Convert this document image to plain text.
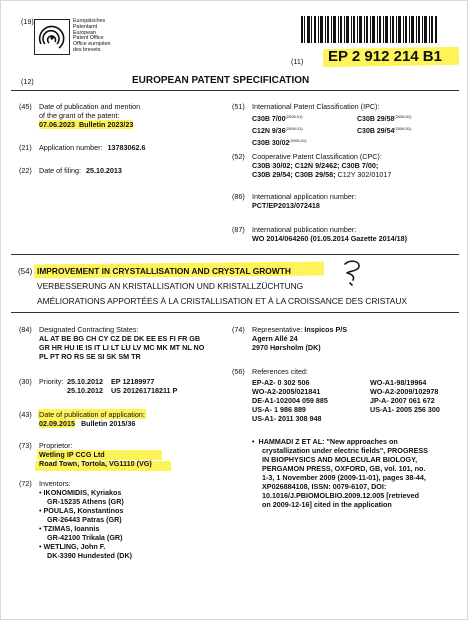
(19)	Europäisches
Patentamt
European
Patent Office
Office européen
des brevets
(11) EP 2 912 214 B1
(12)	EUROPEAN PATENT SPECIFICATION
(45) Date of publication and mention
of the grant of the patent:
07.06.2023 Bulletin 2023/23
(21) Application number: 13783062.6
(22) Date of filing: 25.10.2013
(51) International Patent Classification (IPC):
C30B $7/00^{(2006.01)}$	C30B $29/58^{(2006.01)}$
C12N $9/36^{(2006.01)}$	C30B $29/54^{(2006.01)}$
C30B $30/02^{(2006.01)}$
(52) Cooperative Patent Classification (CPC):
C30B 30/02; C12N 9/2462; C30B 7/00;
C30B 29/54; C30B 29/58; C12Y 302/01017
(86) International application number:
PCT/EP2013/072418
(87) International publication number:
WO 2014/064260 (01.05.2014 Gazette 2014/18)
(54) IMPROVEMENT IN CRYSTALLISATION AND CRYSTAL GROWTH
VERBESSERUNG AN KRISTALLISATION UND KRISTALLZÜCHTUNG
AMÉLIORATIONS APPORTÉES À LA CRISTALLISATION ET À LA CROISSANCE DES CRISTAUX
(84) Designated Contracting States:
AL AT BE BG CH CY CZ DE DK EE ES FI FR GB
GR HR HU IE IS IT LI LT LU LV MC MK MT NL NO
PL PT RO RS SE SI SK SM TR
(30) Priority: 25.10.2012 EP 12189977
25.10.2012 US 201261718211 P
(43) Date of publication of application:
02.09.2015 Bulletin 2015/36
(73) Proprietor:
Wetling IP CCG Ltd
Road Town, Tortola, VG1110 (VG)
(72) Inventors:
• IKONOMIDIS, Kyriakos
GR-15235 Athens (GR)
• POULAS, Konstantinos
GR-26443 Patras (GR)
• TZIMAS, Ioannis
GR-42100 Trikala (GR)
• WETLING, John F.
DK-3390 Hundested (DK)
(74) Representative: Inspicos P/S
Agern Allé 24
2970 Hørsholm (DK)
(56) References cited:
EP-A2- 0 302 506	WO-A1-98/19964
WO-A2-2005/021841	WO-A2-2009/102978
DE-A1-102004 059 885	JP-A- 2007 061 672
US-A- 1 986 889	US-A1- 2005 256 300
US-A1- 2011 308 948
•  HAMMADI Z ET AL: "New approaches on
crystallization under electric fields", PROGRESS
IN BIOPHYSICS AND MOLECULAR BIOLOGY,
PERGAMON PRESS, OXFORD, GB, vol. 101, no.
1-3, 1 November 2009 (2009-11-01), pages 38-44,
XP026884108, ISSN: 0079-6107, DOI:
10.1016/J.PBIOMOLBIO.2009.12.005 [retrieved
on 2009-12-16] cited in the application
